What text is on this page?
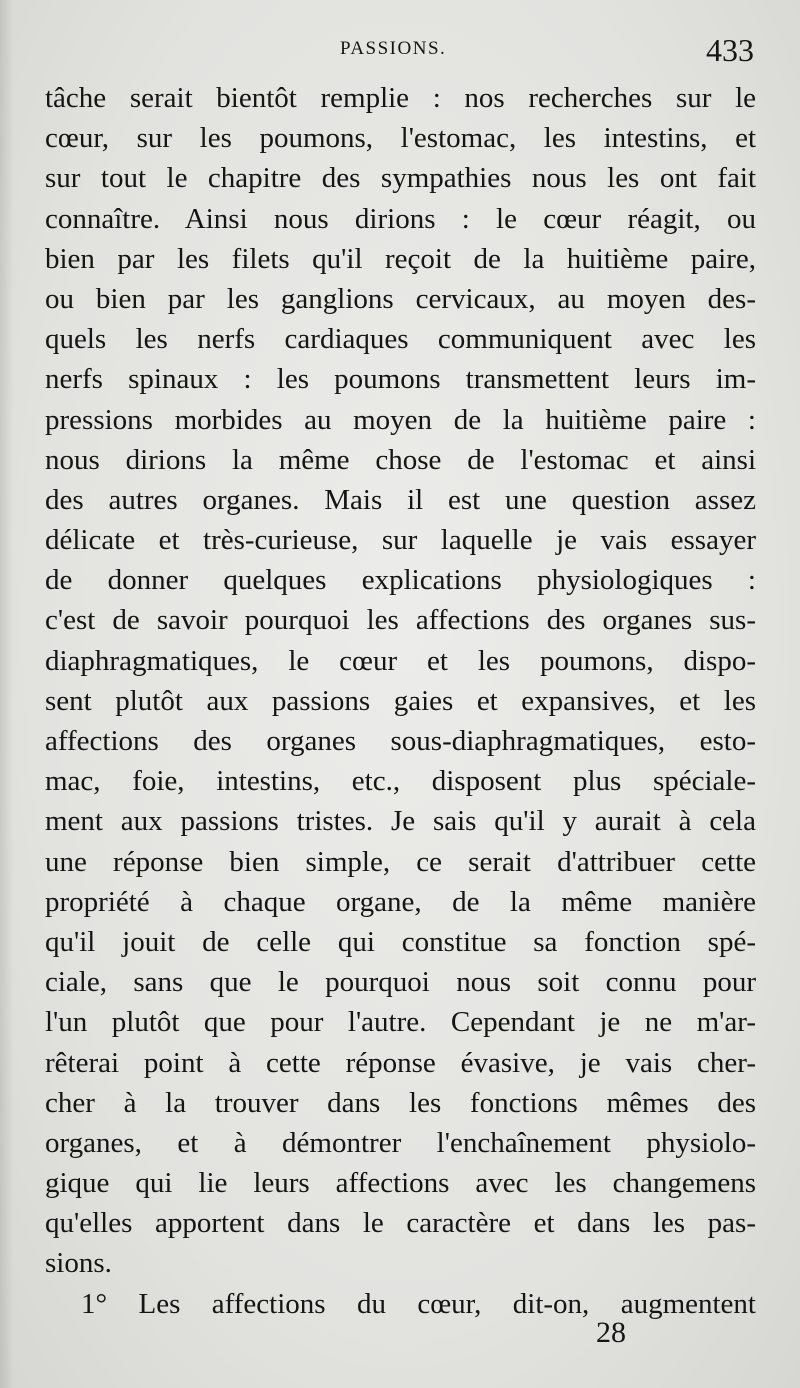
PASSIONS.	433
tâche serait bientôt remplie : nos recherches sur le
cœur, sur les poumons, l'estomac, les intestins, et
sur tout le chapitre des sympathies nous les ont fait
connaître. Ainsi nous dirions : le cœur réagit, ou
bien par les filets qu'il reçoit de la huitième paire,
ou bien par les ganglions cervicaux, au moyen des-
quels les nerfs cardiaques communiquent avec les
nerfs spinaux : les poumons transmettent leurs im-
pressions morbides au moyen de la huitième paire :
nous dirions la même chose de l'estomac et ainsi
des autres organes. Mais il est une question assez
délicate et très-curieuse, sur laquelle je vais essayer
de donner quelques explications physiologiques :
c'est de savoir pourquoi les affections des organes sus-
diaphragmatiques, le cœur et les poumons, dispo-
sent plutôt aux passions gaies et expansives, et les
affections des organes sous-diaphragmatiques, esto-
mac, foie, intestins, etc., disposent plus spéciale-
ment aux passions tristes. Je sais qu'il y aurait à cela
une réponse bien simple, ce serait d'attribuer cette
propriété à chaque organe, de la même manière
qu'il jouit de celle qui constitue sa fonction spé-
ciale, sans que le pourquoi nous soit connu pour
l'un plutôt que pour l'autre. Cependant je ne m'ar-
rêterai point à cette réponse évasive, je vais cher-
cher à la trouver dans les fonctions mêmes des
organes, et à démontrer l'enchaînement physiolo-
gique qui lie leurs affections avec les changemens
qu'elles apportent dans le caractère et dans les pas-
sions.
1° Les affections du cœur, dit-on, augmentent
28
